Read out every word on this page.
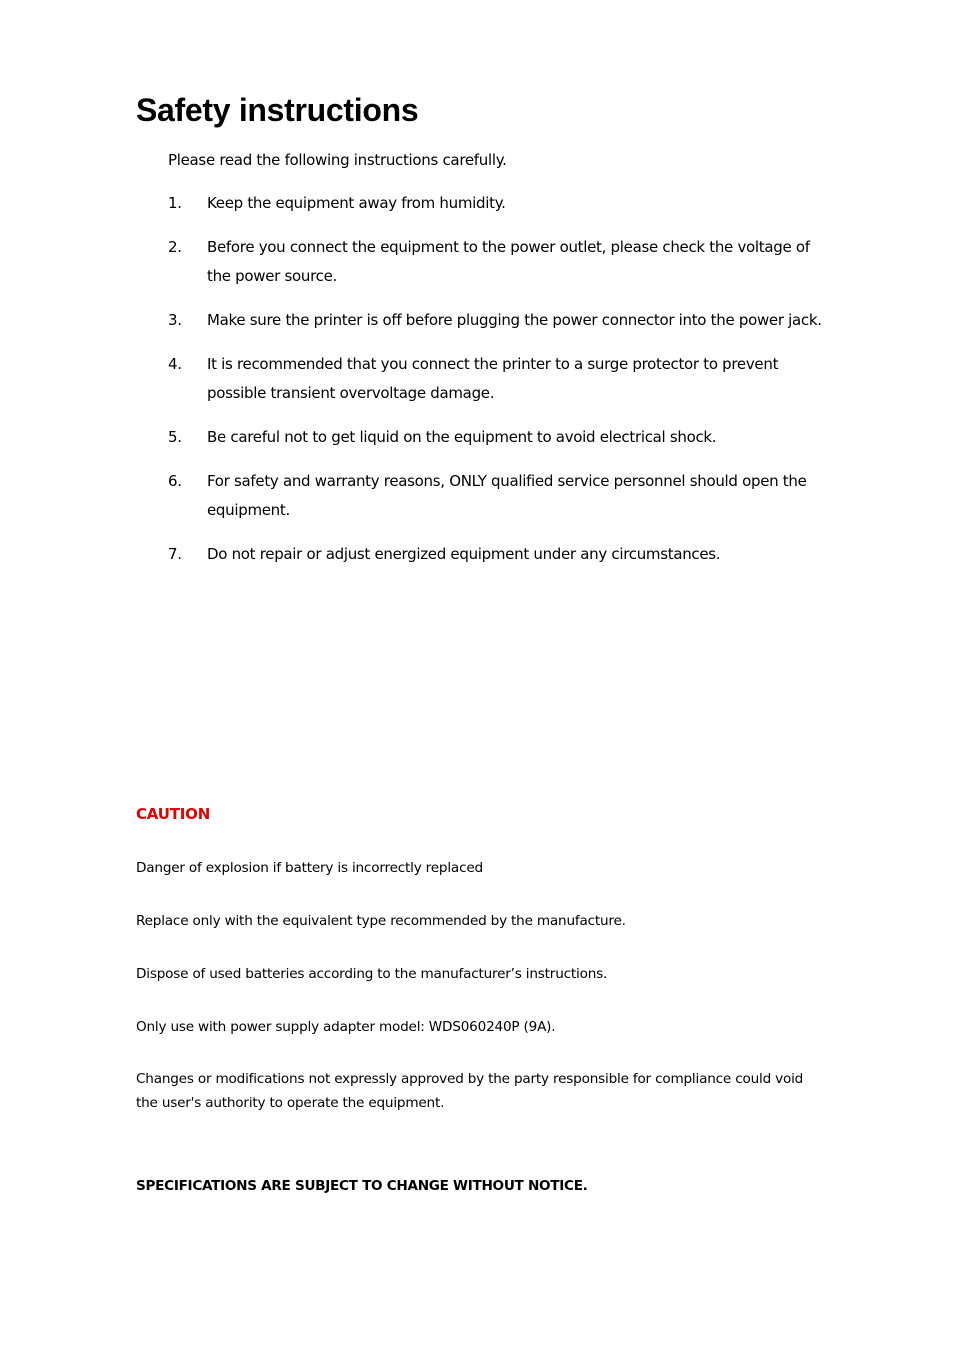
Safety instructions
Please read the following instructions carefully.
1. Keep the equipment away from humidity.
2. Before you connect the equipment to the power outlet, please check the voltage of the power source.
3. Make sure the printer is off before plugging the power connector into the power jack.
4. It is recommended that you connect the printer to a surge protector to prevent possible transient overvoltage damage.
5. Be careful not to get liquid on the equipment to avoid electrical shock.
6. For safety and warranty reasons, ONLY qualified service personnel should open the equipment.
7. Do not repair or adjust energized equipment under any circumstances.
CAUTION
Danger of explosion if battery is incorrectly replaced
Replace only with the equivalent type recommended by the manufacture.
Dispose of used batteries according to the manufacturer’s instructions.
Only use with power supply adapter model: WDS060240P (9A).
Changes or modifications not expressly approved by the party responsible for compliance could void the user's authority to operate the equipment.
SPECIFICATIONS ARE SUBJECT TO CHANGE WITHOUT NOTICE.
